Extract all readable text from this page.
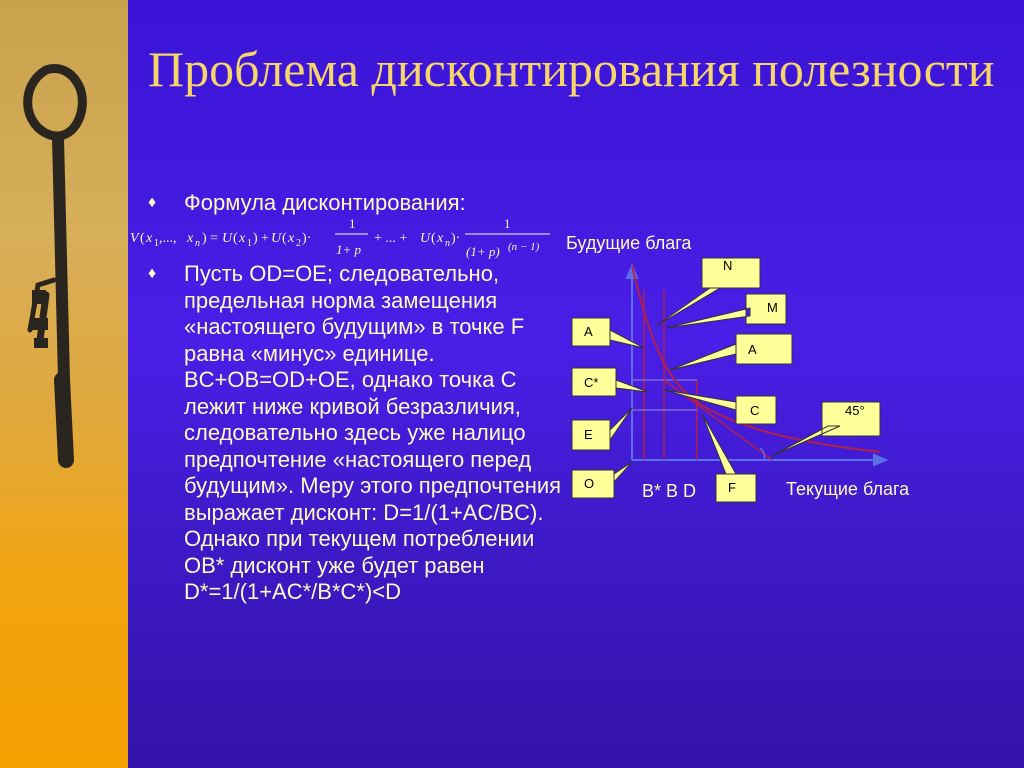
Проблема дисконтирования полезности
♦ Формула дисконтирования:
V ( x 1 ,..., x n ) = U ( x 1 ) + U ( x 2 )·
1
1+ p
+ ... + U ( x n )·
1
(1+ p) (n − 1)
♦ Пусть OD=OE; следовательно, предельная норма замещения «настоящего будущим» в точке F равна «минус» единице. BC+OB=OD+OE, однако точка C лежит ниже кривой безразличия, следовательно здесь уже налицо предпочтение «настоящего перед будущим». Меру этого предпочтения выражает дисконт: D=1/(1+AC/BC). Однако при текущем потреблении OB* дисконт уже будет равен D*=1/(1+AC*/B*C*)<D
Будущие блага
Текущие блага
B* B D
N
M
A
A
C*
C
E
O	F
45°
